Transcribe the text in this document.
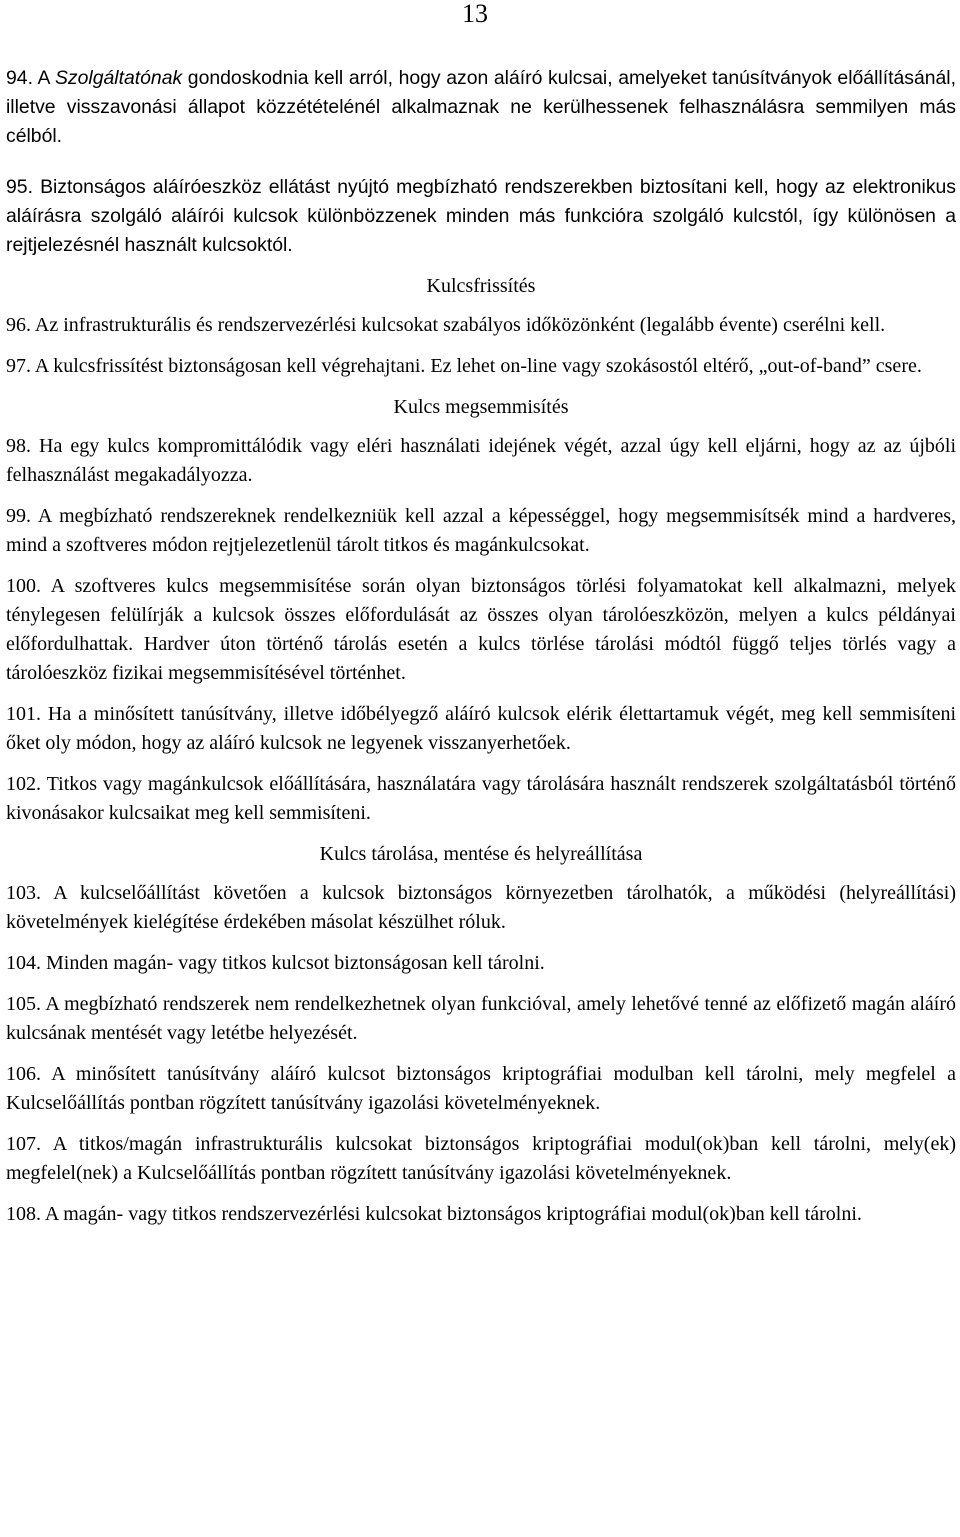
13

94. A Szolgáltatónak gondoskodnia kell arról, hogy azon aláíró kulcsai, amelyeket tanúsítványok előállításánál, illetve visszavonási állapot közzétételénél alkalmaznak ne kerülhessenek felhasználásra semmilyen más célból.

95. Biztonságos aláíróeszköz ellátást nyújtó megbízható rendszerekben biztosítani kell, hogy az elektronikus aláírásra szolgáló aláírói kulcsok különbözzenek minden más funkcióra szolgáló kulcstól, így különösen a rejtjelezésnél használt kulcsoktól.

Kulcsfrissítés

96. Az infrastrukturális és rendszervezérlési kulcsokat szabályos időközönként (legalább évente) cserélni kell.

97. A kulcsfrissítést biztonságosan kell végrehajtani. Ez lehet on-line vagy szokásostól eltérő, „out-of-band” csere.

Kulcs megsemmisítés

98. Ha egy kulcs kompromittálódik vagy eléri használati idejének végét, azzal úgy kell eljárni, hogy az az újbóli felhasználást megakadályozza.

99. A megbízható rendszereknek rendelkezniük kell azzal a képességgel, hogy megsemmisítsék mind a hardveres, mind a szoftveres módon rejtjelezetlenül tárolt titkos és magánkulcsokat.

100. A szoftveres kulcs megsemmisítése során olyan biztonságos törlési folyamatokat kell alkalmazni, melyek ténylegesen felülírják a kulcsok összes előfordulását az összes olyan tárolóeszközön, melyen a kulcs példányai előfordulhattak. Hardver úton történő tárolás esetén a kulcs törlése tárolási módtól függő teljes törlés vagy a tárolóeszköz fizikai megsemmisítésével történhet.

101. Ha a minősített tanúsítvány, illetve időbélyegző aláíró kulcsok elérik élettartamuk végét, meg kell semmisíteni őket oly módon, hogy az aláíró kulcsok ne legyenek visszanyerhetőek.

102. Titkos vagy magánkulcsok előállítására, használatára vagy tárolására használt rendszerek szolgáltatásból történő kivonásakor kulcsaikat meg kell semmisíteni.

Kulcs tárolása, mentése és helyreállítása

103. A kulcselőállítást követően a kulcsok biztonságos környezetben tárolhatók, a működési (helyreállítási) követelmények kielégítése érdekében másolat készülhet róluk.

104. Minden magán- vagy titkos kulcsot biztonságosan kell tárolni.

105. A megbízható rendszerek nem rendelkezhetnek olyan funkcióval, amely lehetővé tenné az előfizető magán aláíró kulcsának mentését vagy letétbe helyezését.

106. A minősített tanúsítvány aláíró kulcsot biztonságos kriptográfiai modulban kell tárolni, mely megfelel a Kulcselőállítás pontban rögzített tanúsítvány igazolási követelményeknek.

107. A titkos/magán infrastrukturális kulcsokat biztonságos kriptográfiai modul(ok)ban kell tárolni, mely(ek) megfelel(nek) a Kulcselőállítás pontban rögzített tanúsítvány igazolási követelményeknek.

108. A magán- vagy titkos rendszervezérlési kulcsokat biztonságos kriptográfiai modul(ok)ban kell tárolni.
